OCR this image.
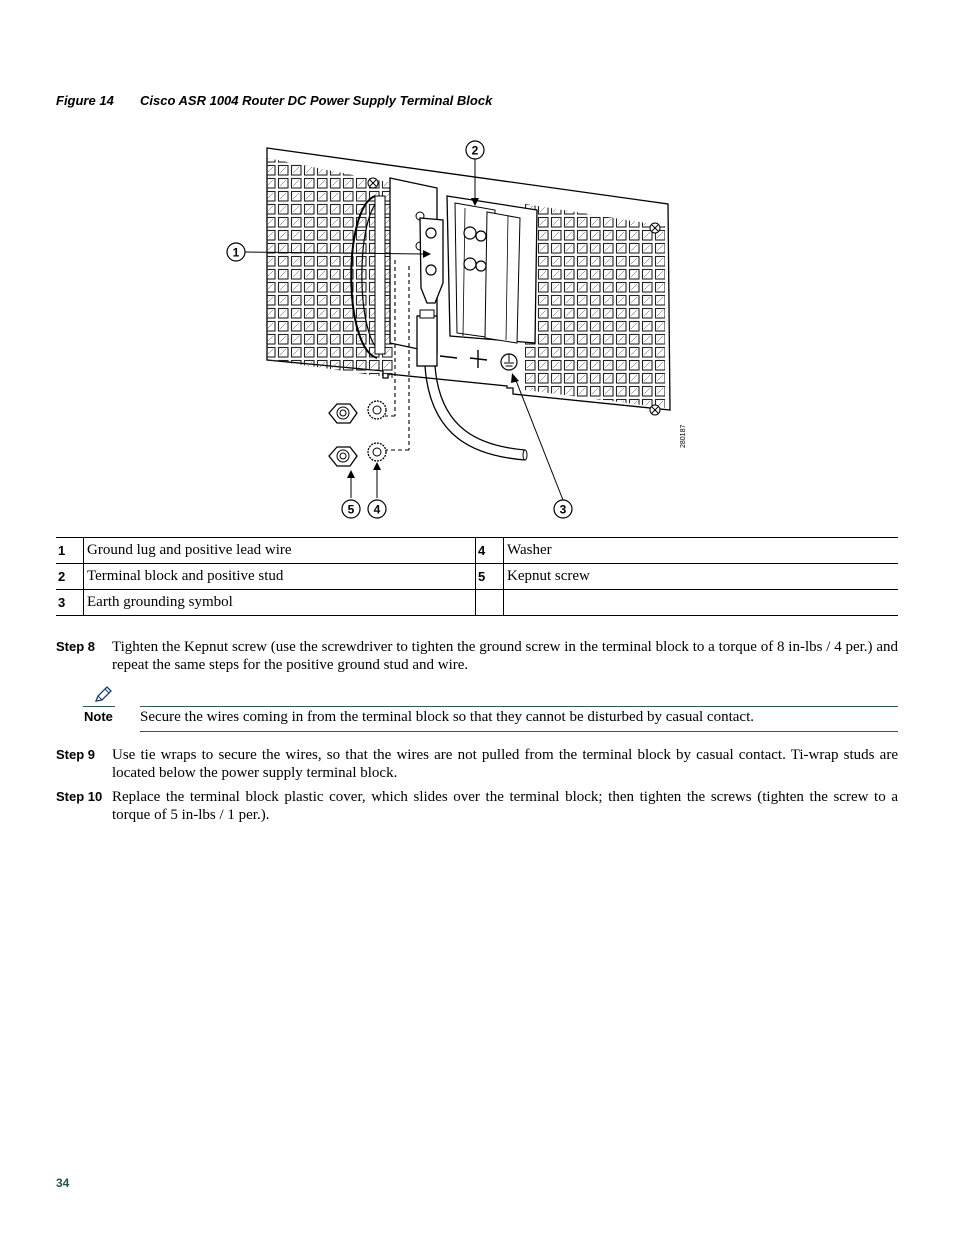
Figure 14 Cisco ASR 1004 Router DC Power Supply Terminal Block
1
2
3
4
5
280187
1	Ground lug and positive lead wire	4	Washer
2	Terminal block and positive stud	5	Kepnut screw
3	Earth grounding symbol		
Step 8 Tighten the Kepnut screw (use the screwdriver to tighten the ground screw in the terminal block to a torque of 8 in-lbs / 4 per.) and repeat the same steps for the positive ground stud and wire.
Note Secure the wires coming in from the terminal block so that they cannot be disturbed by casual contact.
Step 9 Use tie wraps to secure the wires, so that the wires are not pulled from the terminal block by casual contact. Ti-wrap studs are located below the power supply terminal block.
Step 10 Replace the terminal block plastic cover, which slides over the terminal block; then tighten the screws (tighten the screw to a torque of 5 in-lbs / 1 per.).
34
